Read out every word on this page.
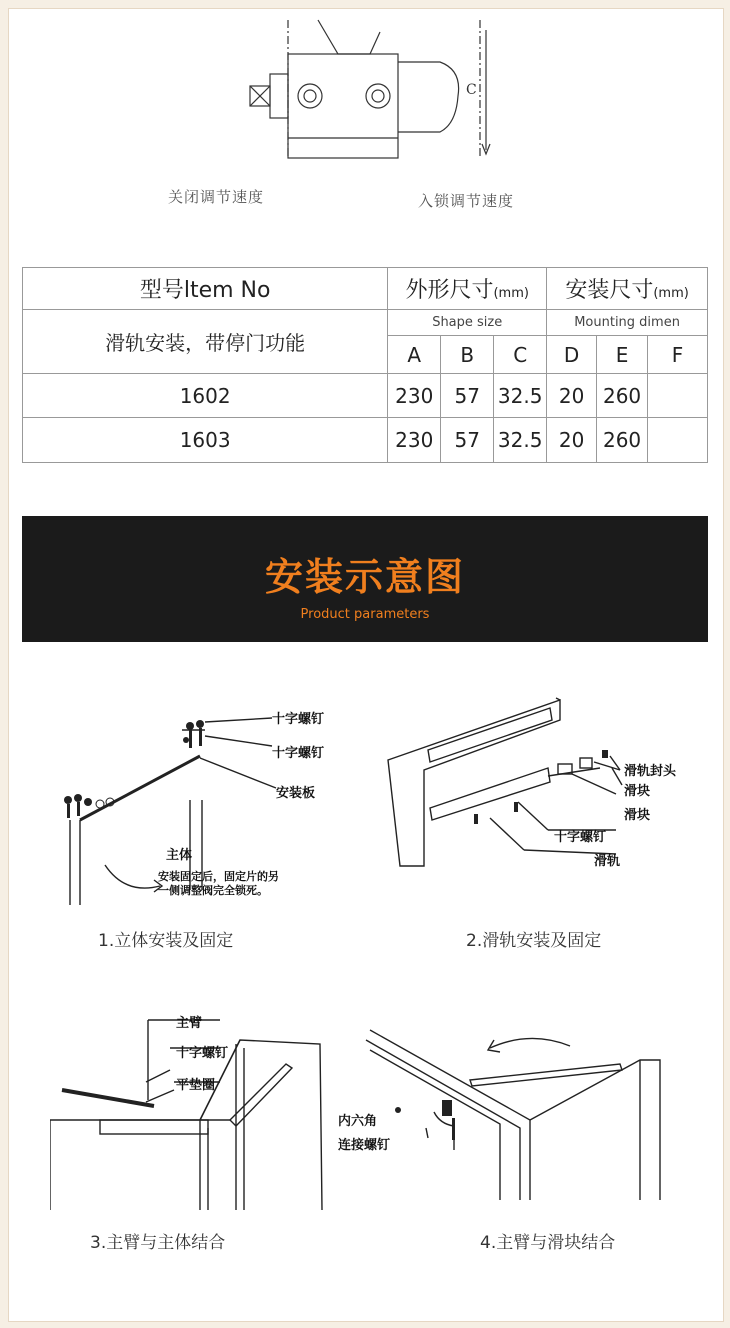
C
关闭调节速度	入锁调节速度
型号ltem No	外形尺寸(mm)			安装尺寸(mm)		
滑轨安装，带停门功能	Shape size			Mounting dimen		
	A	B	C	D	E	F
1602	230	57	32.5	20	260	
1603	230	57	32.5	20	260	
安装示意图
Product parameters
十字螺钉
十字螺钉
安装板
主体
安装固定后，固定片的另
一侧调整阀完全锁死。
1.立体安装及固定
滑轨封头
滑块
滑块
十字螺钉
滑轨
2.滑轨安装及固定
主臂
十字螺钉
平垫圈
3.主臂与主体结合
内六角
连接螺钉
4.主臂与滑块结合
